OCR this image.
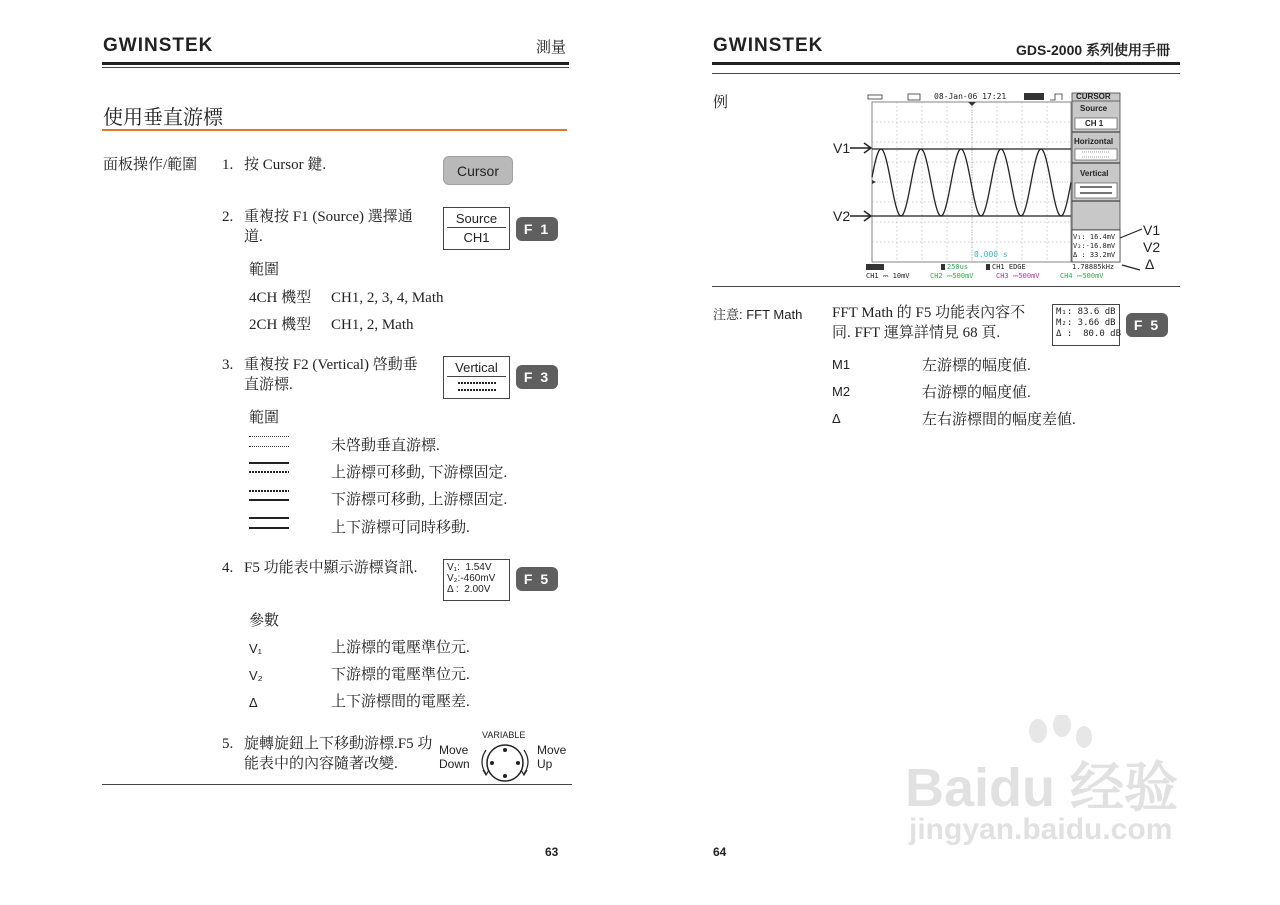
GWINSTEK	測量
使用垂直游標
面板操作/範圍 1. 按 Cursor 鍵.	Cursor
2. 重複按 F1 (Source) 選擇通道.
Source
CH1
F 1
範圍
4CH 機型 CH1, 2, 3, 4, Math
2CH 機型 CH1, 2, Math
3. 重複按 F2 (Vertical) 啓動垂直游標.
Vertical
F 3
範圍
未啓動垂直游標.
上游標可移動, 下游標固定.
下游標可移動, 上游標固定.
上下游標可同時移動.
4. F5 功能表中顯示游標資訊.	V₁:  1.54V
V₂:-460mV
Δ :  2.00V
F 5
參數
V₁	上游標的電壓準位元.
V₂	下游標的電壓準位元.
Δ	上下游標間的電壓差.
5. 旋轉旋鈕上下移動游標.F5 功能表中的內容隨著改變.
VARIABLE
Move
Down
Move
Up
63
GWINSTEK	GDS-2000 系列使用手冊
例	08-Jan-06 17:21	CURSOR
Source
CH 1
Horizontal
Vertical
V₁: 16.4mV
V₂:-16.8mV
Δ : 33.2mV
0.000 s
250us	CH1 EDGE	1.78885kHz
CH1 ⎓ 10mV	CH2 ⎓500mV	CH3 ⎓500mV	CH4 ⎓500mV
V1
V2
V1
V2
Δ
注意: FFT Math FFT Math 的 F5 功能表內容不同. FFT 運算詳情見 68 頁.
M₁: 83.6 dB
M₂: 3.66 dB
Δ :  80.0 dB
F 5
M1	左游標的幅度値.
M2	右游標的幅度値.
Δ	左右游標間的幅度差値.
64
Baidu 经验
jingyan.baidu.com
